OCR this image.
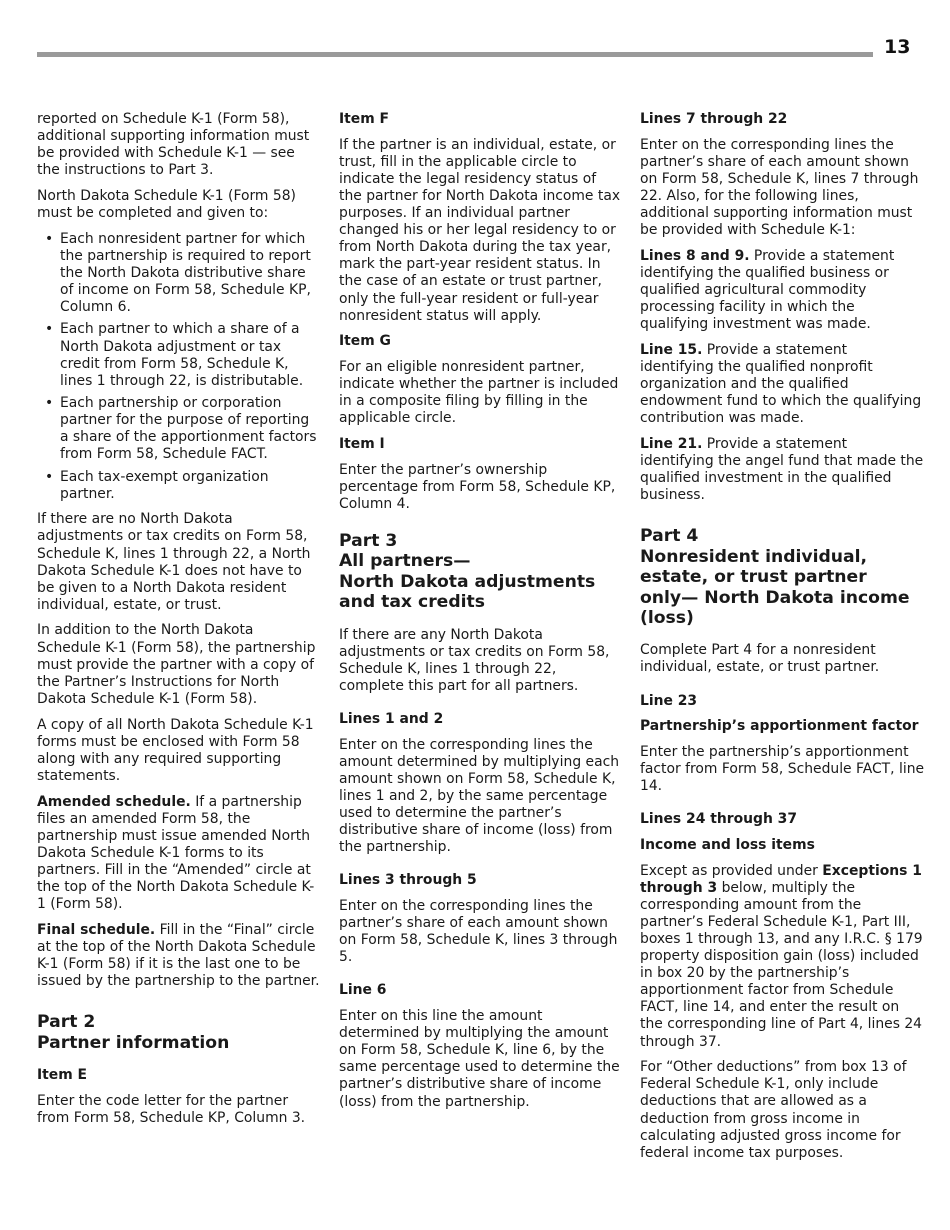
13

reported on Schedule K-1 (Form 58), additional supporting information must be provided with Schedule K-1 — see the instructions to Part 3.

North Dakota Schedule K-1 (Form 58) must be completed and given to:

• Each nonresident partner for which the partnership is required to report the North Dakota distributive share of income on Form 58, Schedule KP, Column 6.
• Each partner to which a share of a North Dakota adjustment or tax credit from Form 58, Schedule K, lines 1 through 22, is distributable.
• Each partnership or corporation partner for the purpose of reporting a share of the apportionment factors from Form 58, Schedule FACT.
• Each tax-exempt organization partner.

If there are no North Dakota adjustments or tax credits on Form 58, Schedule K, lines 1 through 22, a North Dakota Schedule K-1 does not have to be given to a North Dakota resident individual, estate, or trust.

In addition to the North Dakota Schedule K-1 (Form 58), the partnership must provide the partner with a copy of the Partner’s Instructions for North Dakota Schedule K-1 (Form 58).

A copy of all North Dakota Schedule K-1 forms must be enclosed with Form 58 along with any required supporting statements.

Amended schedule. If a partnership files an amended Form 58, the partnership must issue amended North Dakota Schedule K-1 forms to its partners. Fill in the “Amended” circle at the top of the North Dakota Schedule K-1 (Form 58).

Final schedule. Fill in the “Final” circle at the top of the North Dakota Schedule K-1 (Form 58) if it is the last one to be issued by the partnership to the partner.

Part 2
Partner information

Item E

Enter the code letter for the partner from Form 58, Schedule KP, Column 3.

Item F

If the partner is an individual, estate, or trust, fill in the applicable circle to indicate the legal residency status of the partner for North Dakota income tax purposes. If an individual partner changed his or her legal residency to or from North Dakota during the tax year, mark the part-year resident status. In the case of an estate or trust partner, only the full-year resident or full-year nonresident status will apply.

Item G

For an eligible nonresident partner, indicate whether the partner is included in a composite filing by filling in the applicable circle.

Item I

Enter the partner’s ownership percentage from Form 58, Schedule KP, Column 4.

Part 3
All partners—
North Dakota adjustments
and tax credits

If there are any North Dakota adjustments or tax credits on Form 58, Schedule K, lines 1 through 22, complete this part for all partners.

Lines 1 and 2

Enter on the corresponding lines the amount determined by multiplying each amount shown on Form 58, Schedule K, lines 1 and 2, by the same percentage used to determine the partner’s distributive share of income (loss) from the partnership.

Lines 3 through 5

Enter on the corresponding lines the partner’s share of each amount shown on Form 58, Schedule K, lines 3 through 5.

Line 6

Enter on this line the amount determined by multiplying the amount on Form 58, Schedule K, line 6, by the same percentage used to determine the partner’s distributive share of income (loss) from the partnership.

Lines 7 through 22

Enter on the corresponding lines the partner’s share of each amount shown on Form 58, Schedule K, lines 7 through 22. Also, for the following lines, additional supporting information must be provided with Schedule K-1:

Lines 8 and 9. Provide a statement identifying the qualified business or qualified agricultural commodity processing facility in which the qualifying investment was made.

Line 15. Provide a statement identifying the qualified nonprofit organization and the qualified endowment fund to which the qualifying contribution was made.

Line 21. Provide a statement identifying the angel fund that made the qualified investment in the qualified business.

Part 4
Nonresident individual,
estate, or trust partner
only— North Dakota income
(loss)

Complete Part 4 for a nonresident individual, estate, or trust partner.

Line 23

Partnership’s apportionment factor

Enter the partnership’s apportionment factor from Form 58, Schedule FACT, line 14.

Lines 24 through 37

Income and loss items

Except as provided under Exceptions 1 through 3 below, multiply the corresponding amount from the partner’s Federal Schedule K-1, Part III, boxes 1 through 13, and any I.R.C. § 179 property disposition gain (loss) included in box 20 by the partnership’s apportionment factor from Schedule FACT, line 14, and enter the result on the corresponding line of Part 4, lines 24 through 37.

For “Other deductions” from box 13 of Federal Schedule K-1, only include deductions that are allowed as a deduction from gross income in calculating adjusted gross income for federal income tax purposes.
